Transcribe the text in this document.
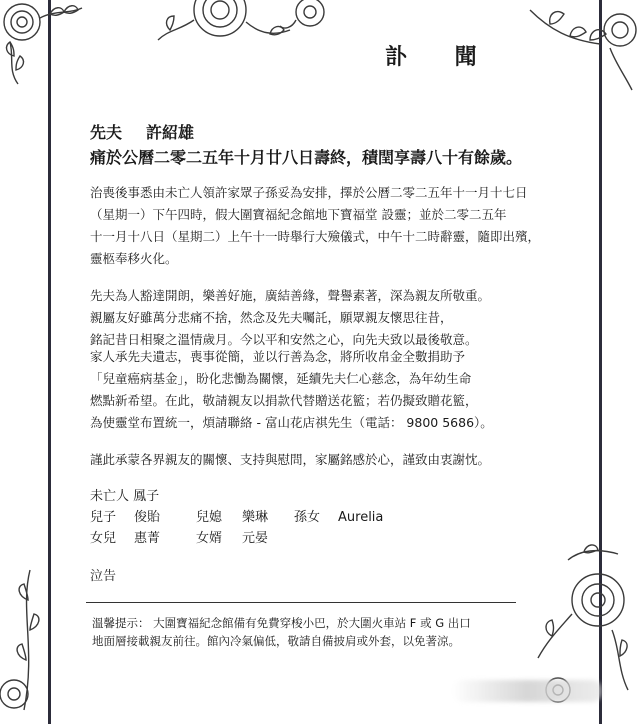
訃 聞
先夫 許紹雄
痛於公曆二零二五年十月廿八日壽終，積閏享壽八十有餘歲。
治喪後事悉由未亡人領許家眾子孫妥為安排，擇於公曆二零二五年十一月十七日
（星期一）下午四時，假大圍寶福紀念館地下寶福堂 設靈；並於二零二五年
十一月十八日（星期二）上午十一時舉行大殮儀式，中午十二時辭靈，隨即出殯，
靈柩奉移火化。
先夫為人豁達開朗，樂善好施，廣結善緣，聲譽素著，深為親友所敬重。
親屬友好雖萬分悲痛不捨，然念及先夫囑託，願眾親友懷思往昔，
銘記昔日相聚之溫情歲月。今以平和安然之心，向先夫致以最後敬意。
家人承先夫遺志，喪事從簡，並以行善為念，將所收帛金全數捐助予
「兒童癌病基金」，盼化悲慟為關懷，延續先夫仁心慈念，為年幼生命
燃點新希望。在此，敬請親友以捐款代替贈送花籃；若仍擬致贈花籃，
為使靈堂布置統一，煩請聯絡 - 富山花店祺先生（電話： 9800 5686）。
謹此承蒙各界親友的關懷、支持與慰問，家屬銘感於心，謹致由衷謝忱。
未亡人 鳳子
兒子 俊貽	兒媳 樂琳 孫女 Aurelia
女兒 惠菁	女婿 元晏
泣告
溫馨提示： 大圍寶福紀念館備有免費穿梭小巴，於大圍火車站 F 或 G 出口
地面層接載親友前往。館內冷氣偏低，敬請自備披肩或外套，以免著涼。
